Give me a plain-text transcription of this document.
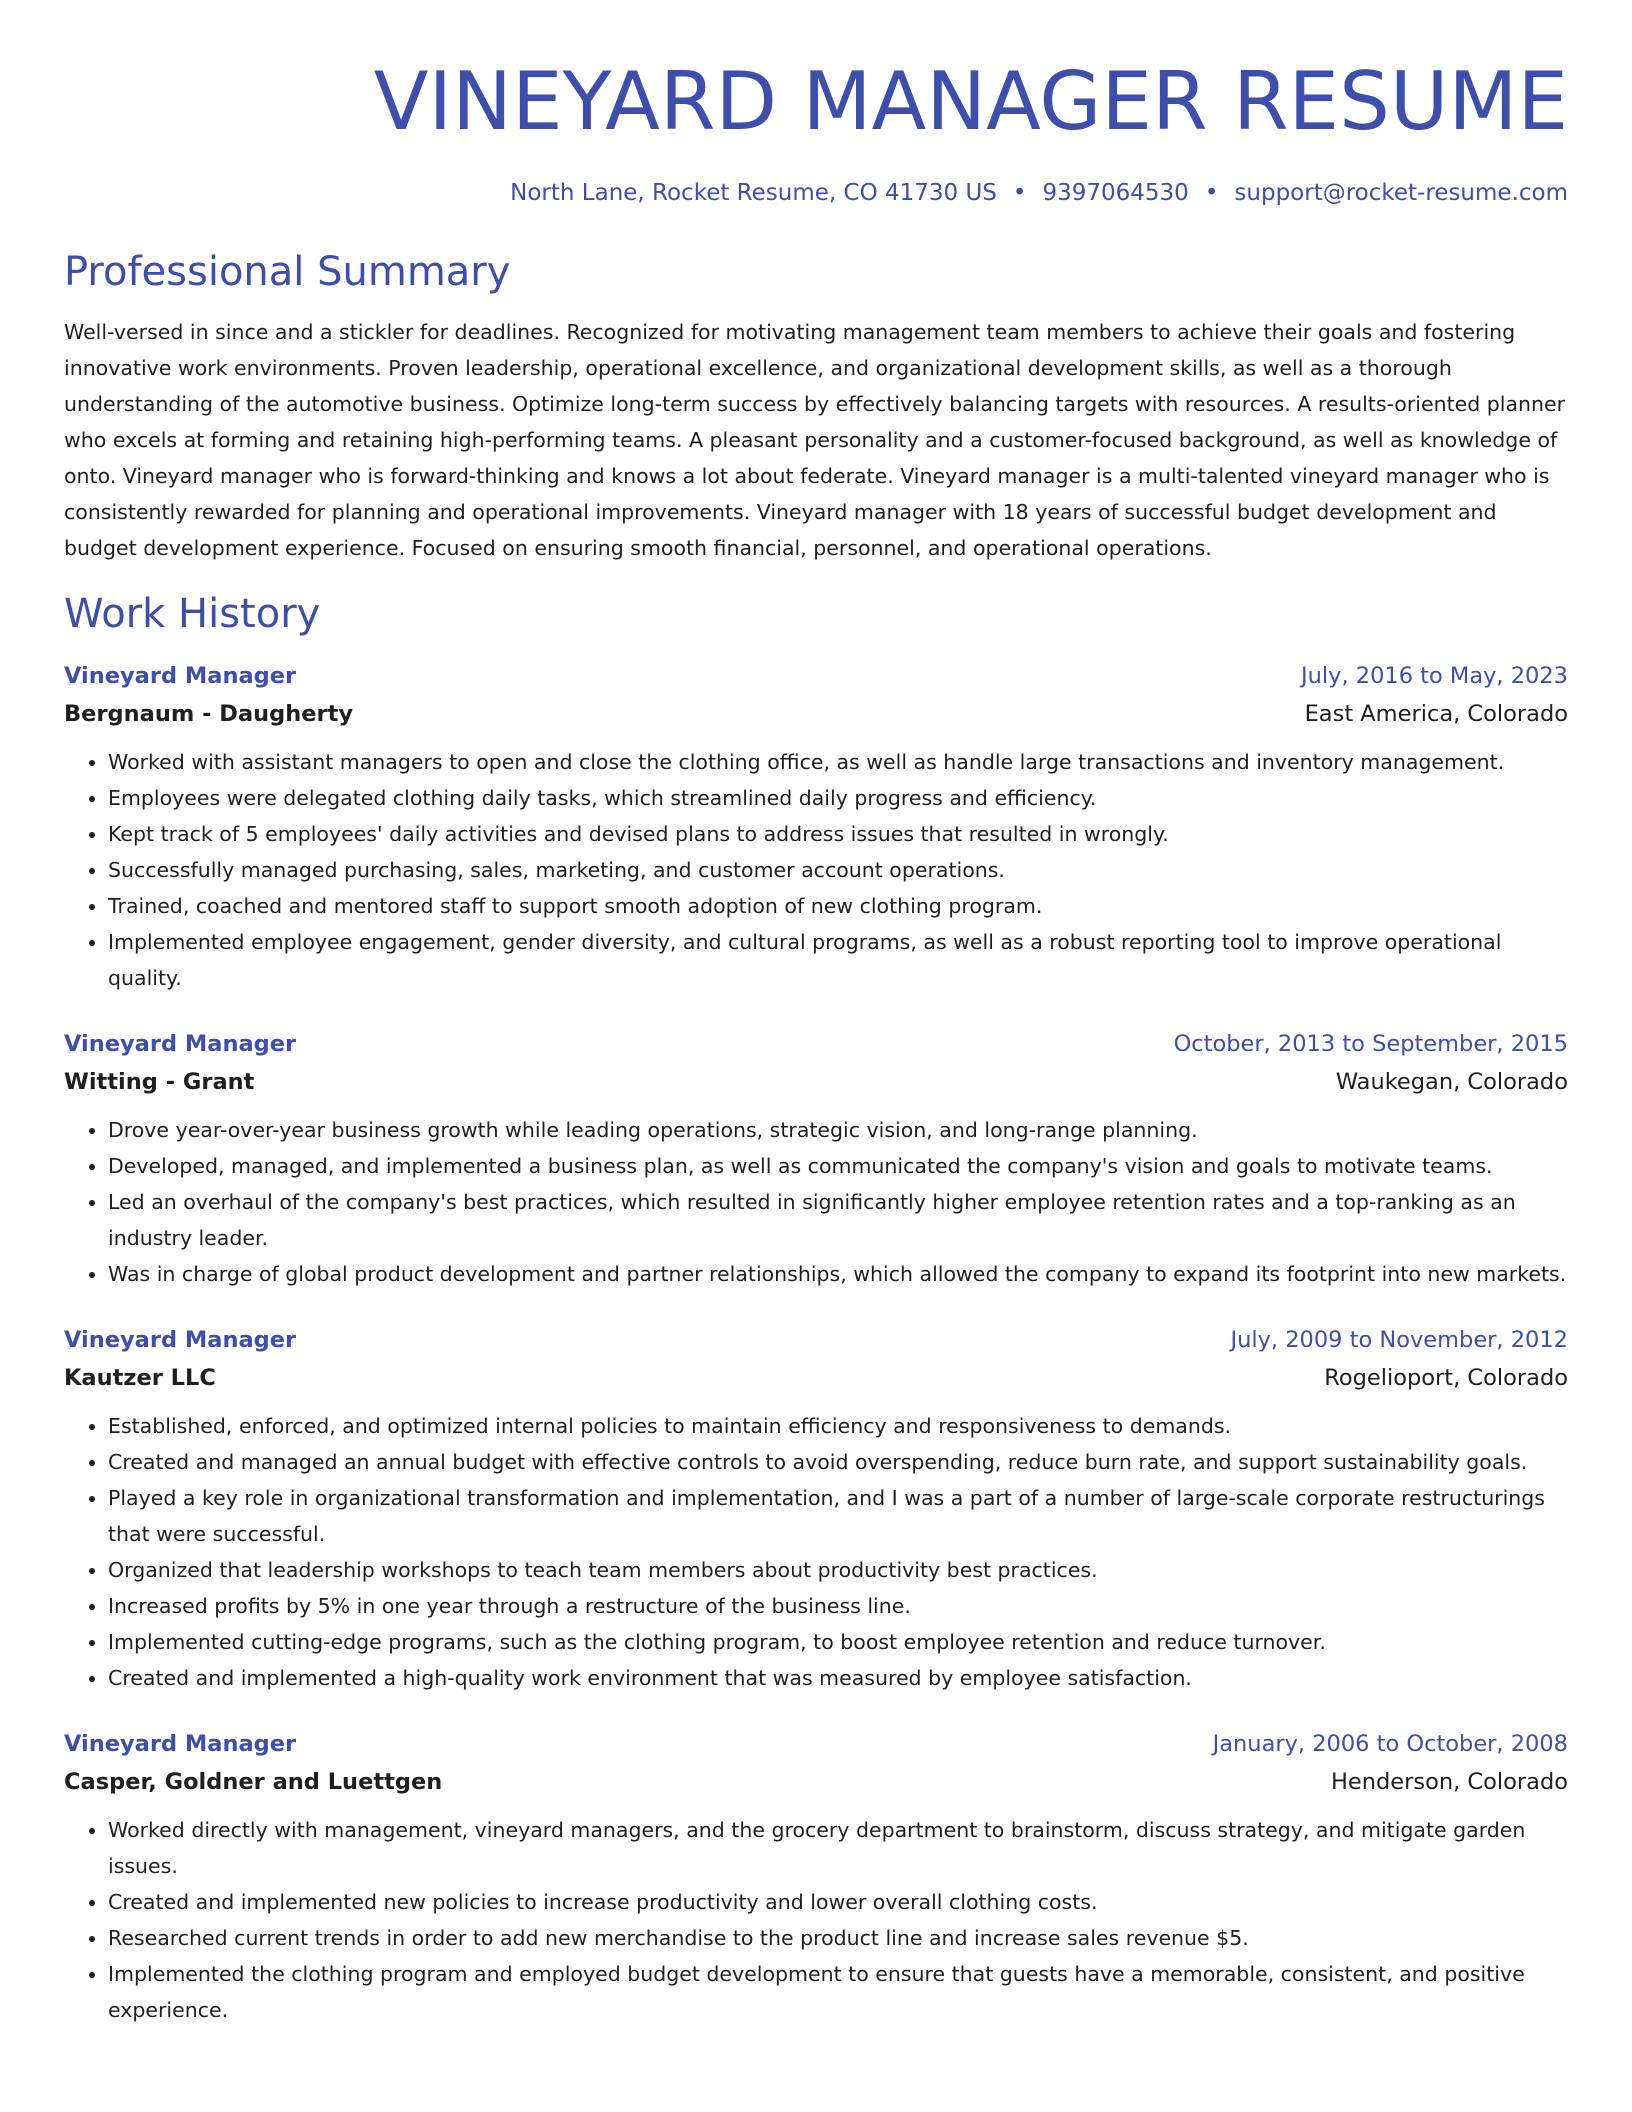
VINEYARD MANAGER RESUME
North Lane, Rocket Resume, CO 41730 US • 9397064530 • support@rocket-resume.com
Professional Summary

Well-versed in since and a stickler for deadlines. Recognized for motivating management team members to achieve their goals and fostering innovative work environments. Proven leadership, operational excellence, and organizational development skills, as well as a thorough understanding of the automotive business. Optimize long-term success by effectively balancing targets with resources. A results-oriented planner who excels at forming and retaining high-performing teams. A pleasant personality and a customer-focused background, as well as knowledge of onto. Vineyard manager who is forward-thinking and knows a lot about federate. Vineyard manager is a multi-talented vineyard manager who is consistently rewarded for planning and operational improvements. Vineyard manager with 18 years of successful budget development and budget development experience. Focused on ensuring smooth financial, personnel, and operational operations.

Work History
Vineyard Manager	July, 2016 to May, 2023
Bergnaum - Daugherty	East America, Colorado
• Worked with assistant managers to open and close the clothing office, as well as handle large transactions and inventory management.
• Employees were delegated clothing daily tasks, which streamlined daily progress and efficiency.
• Kept track of 5 employees' daily activities and devised plans to address issues that resulted in wrongly.
• Successfully managed purchasing, sales, marketing, and customer account operations.
• Trained, coached and mentored staff to support smooth adoption of new clothing program.
• Implemented employee engagement, gender diversity, and cultural programs, as well as a robust reporting tool to improve operational quality.
Vineyard Manager	October, 2013 to September, 2015
Witting - Grant	Waukegan, Colorado
• Drove year-over-year business growth while leading operations, strategic vision, and long-range planning.
• Developed, managed, and implemented a business plan, as well as communicated the company's vision and goals to motivate teams.
• Led an overhaul of the company's best practices, which resulted in significantly higher employee retention rates and a top-ranking as an industry leader.
• Was in charge of global product development and partner relationships, which allowed the company to expand its footprint into new markets.
Vineyard Manager	July, 2009 to November, 2012
Kautzer LLC	Rogelioport, Colorado
• Established, enforced, and optimized internal policies to maintain efficiency and responsiveness to demands.
• Created and managed an annual budget with effective controls to avoid overspending, reduce burn rate, and support sustainability goals.
• Played a key role in organizational transformation and implementation, and I was a part of a number of large-scale corporate restructurings that were successful.
• Organized that leadership workshops to teach team members about productivity best practices.
• Increased profits by 5% in one year through a restructure of the business line.
• Implemented cutting-edge programs, such as the clothing program, to boost employee retention and reduce turnover.
• Created and implemented a high-quality work environment that was measured by employee satisfaction.
Vineyard Manager	January, 2006 to October, 2008
Casper, Goldner and Luettgen	Henderson, Colorado
• Worked directly with management, vineyard managers, and the grocery department to brainstorm, discuss strategy, and mitigate garden issues.
• Created and implemented new policies to increase productivity and lower overall clothing costs.
• Researched current trends in order to add new merchandise to the product line and increase sales revenue $5.
• Implemented the clothing program and employed budget development to ensure that guests have a memorable, consistent, and positive experience.
